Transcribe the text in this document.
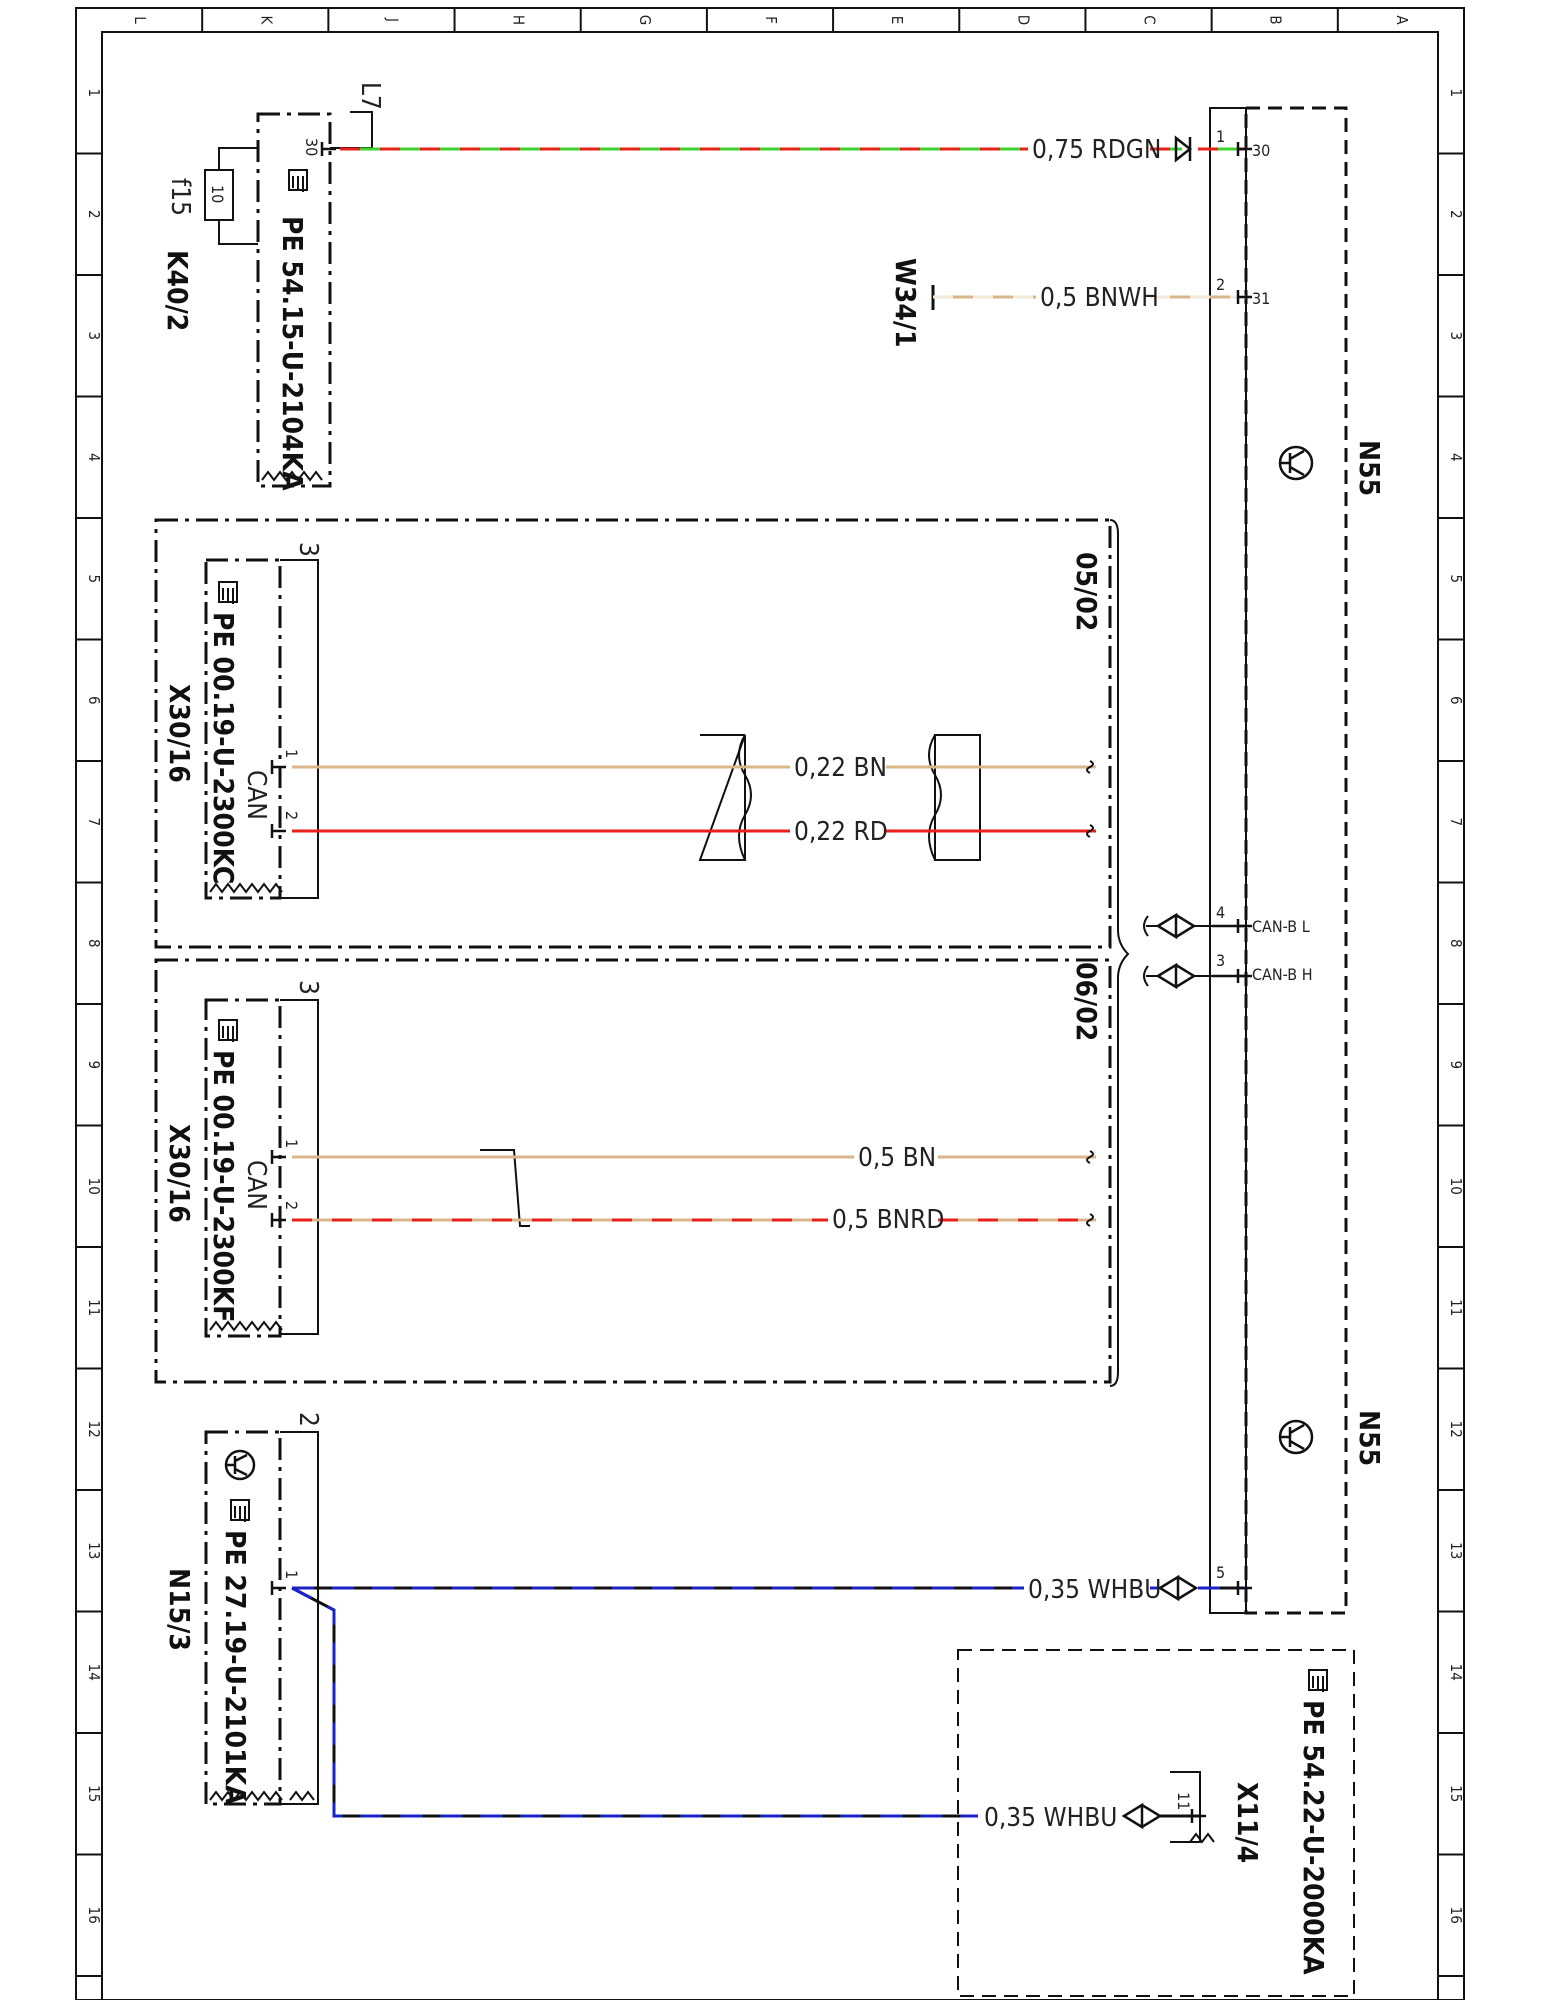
L	K	J	H	G	F	E	D	C	B	A
1	1
2	2
3	3
4	4
5	5
6	6
7	7
8	8
9	9
10	10
11	11
12	12
13	13
14	14
15	15
16	16
N55
N55
1
30
2
31
4
CAN-B L
3
CAN-B H
5
10
f15
L7
K40/2	PE 54.15-U-2104KA
30
W34/1
05/02
06/02
PE 00.19-U-2300KC
X30/16
CAN
3
1
2
PE 00.19-U-2300KF
X30/16 CAN
3
1
2
PE 27.19-U-2101KA
N15/3
2
1
PE 54.22-U-2000KA
X11/4
11
0,75 RDGN
0,5 BNWH
0,22 BN
0,22 RD
0,5 BN
0,5 BNRD
0,35 WHBU
0,35 WHBU
